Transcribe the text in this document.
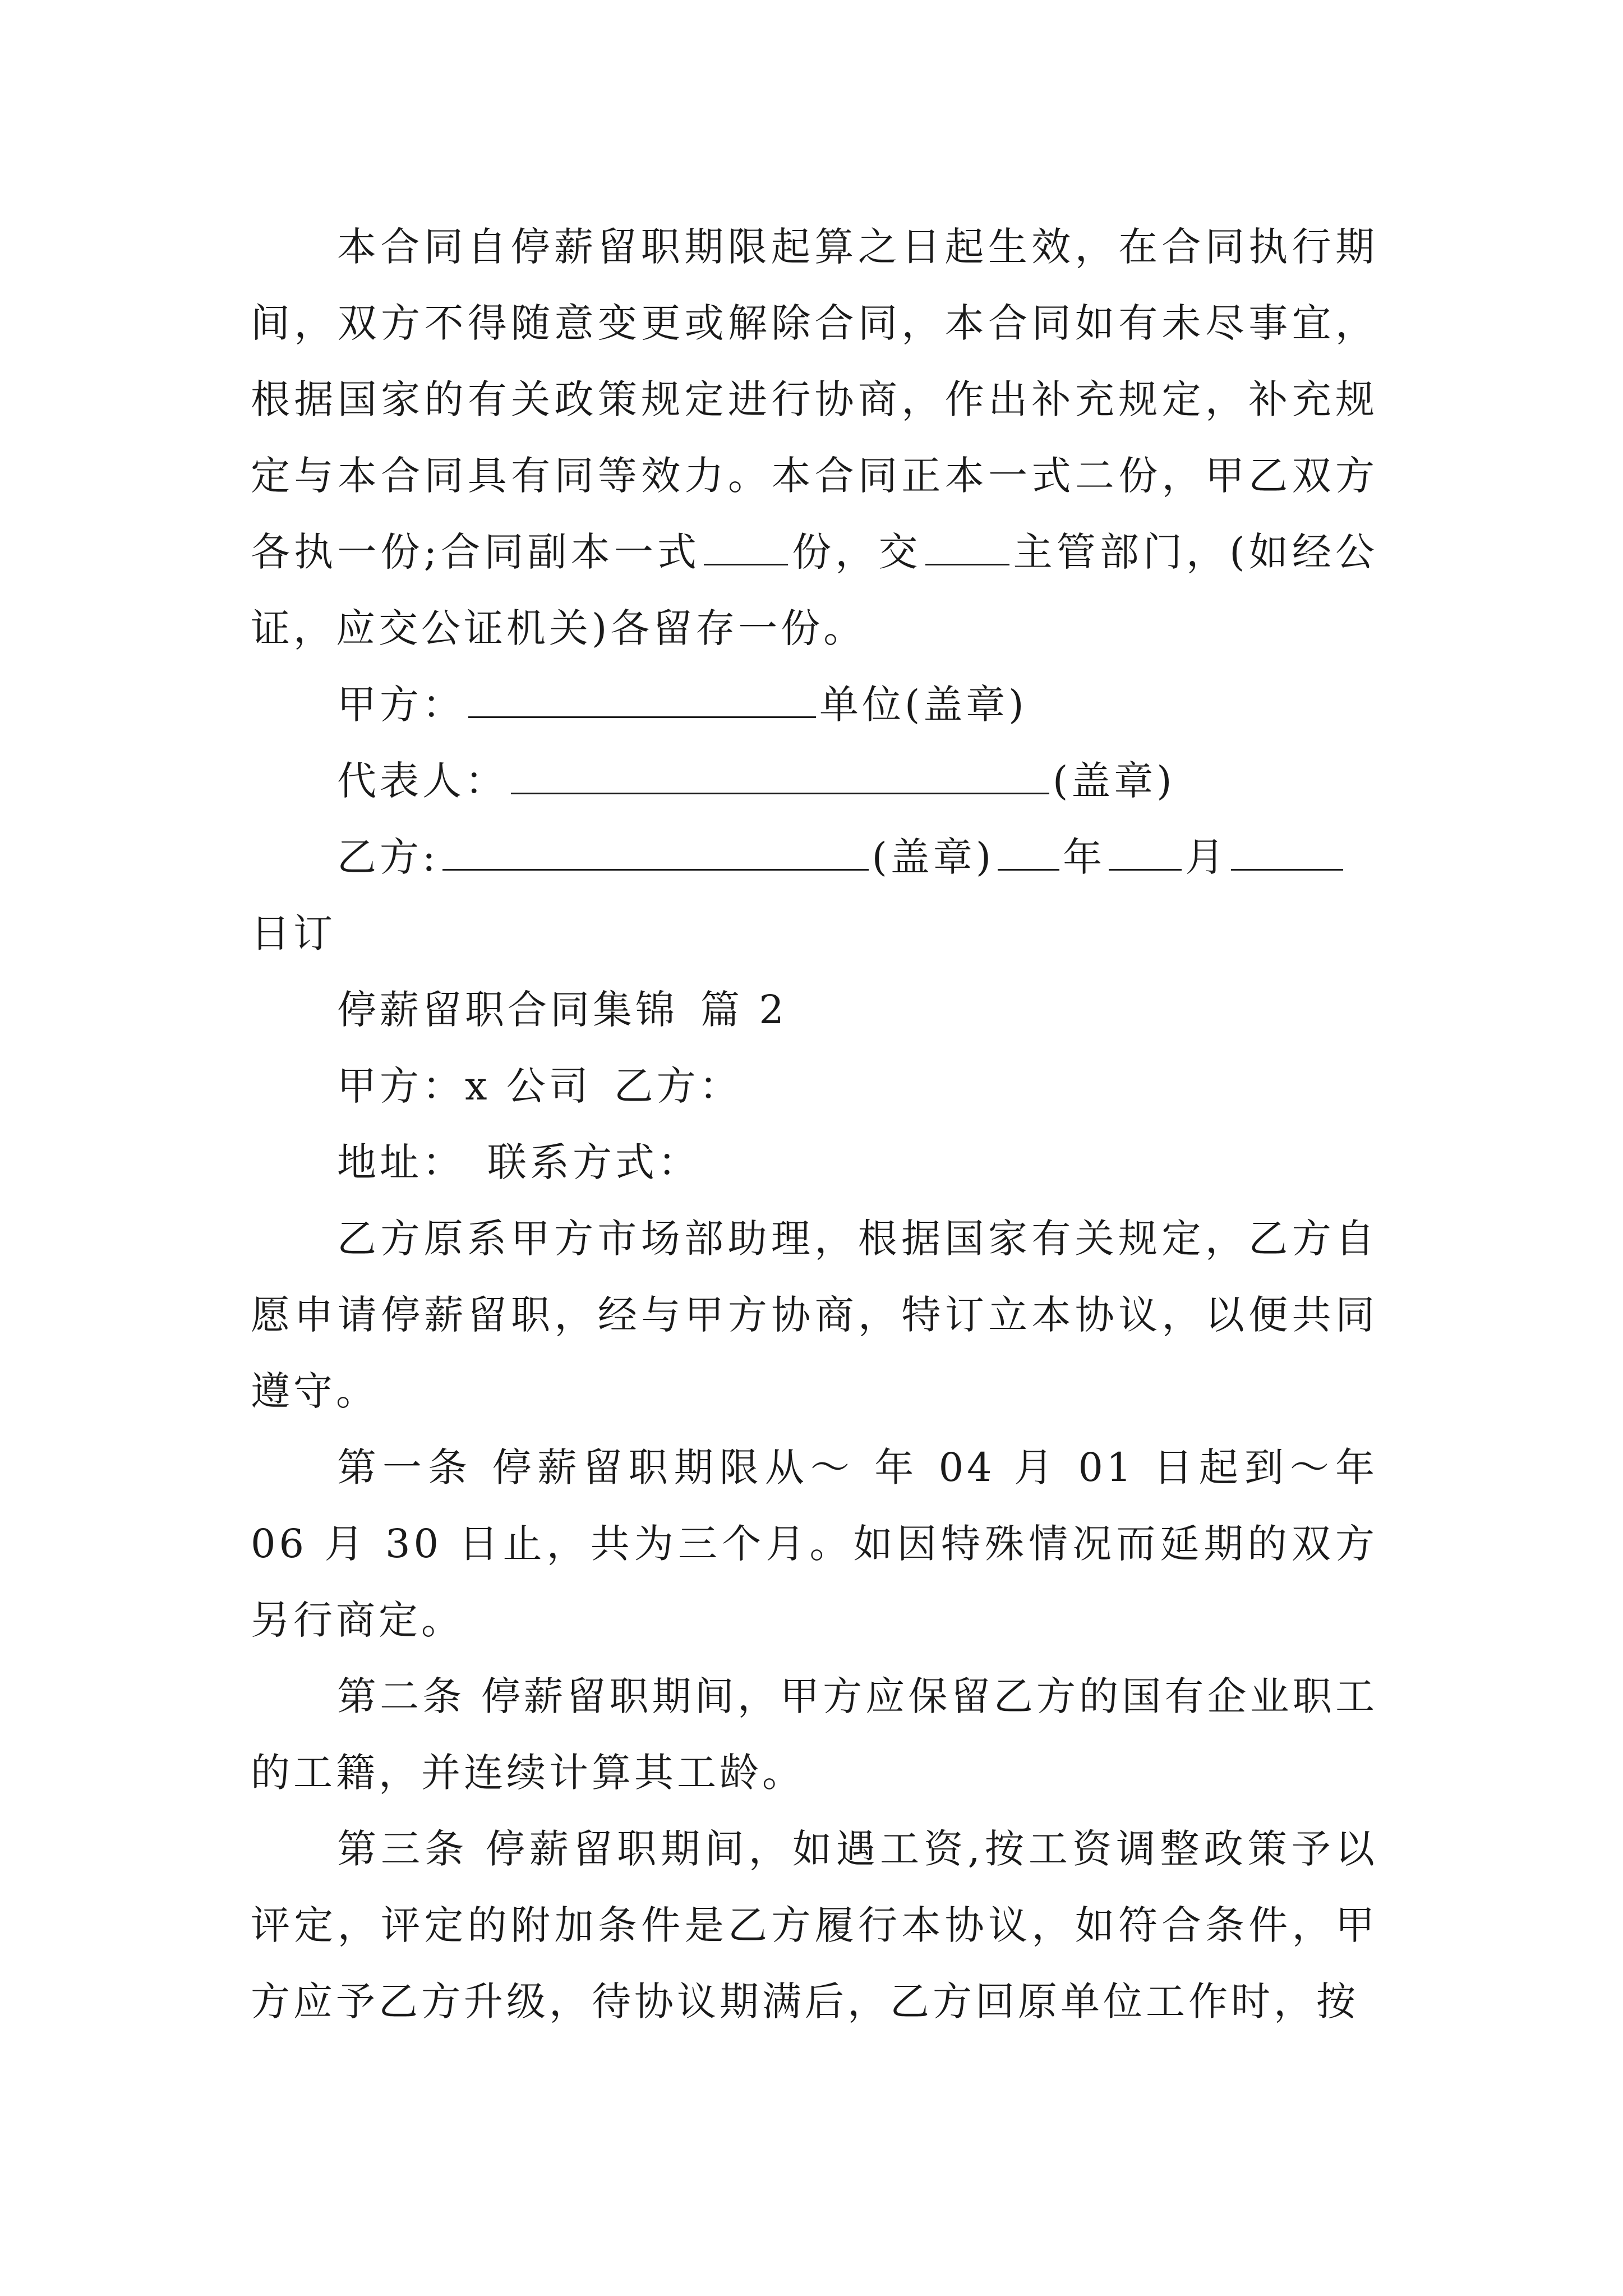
本合同自停薪留职期限起算之日起生效，在合同执行期间，双方不得随意变更或解除合同，本合同如有未尽事宜，根据国家的有关政策规定进行协商，作出补充规定，补充规定与本合同具有同等效力。本合同正本一式二份，甲乙双方各执一份;合同副本一式 份，交 主管部门，(如经公证，应交公证机关)各留存一份。

甲方：	单位(盖章)

代表人：	(盖章)

乙方:	(盖章) 年 月

日订

停薪留职合同集锦 篇 2

甲方：x 公司 乙方：

地址： 联系方式：

乙方原系甲方市场部助理，根据国家有关规定，乙方自愿申请停薪留职，经与甲方协商，特订立本协议，以便共同遵守。

第一条 停薪留职期限从～ 年 04 月 01 日起到～年 06 月 30 日止，共为三个月。如因特殊情况而延期的双方另行商定。

第二条 停薪留职期间，甲方应保留乙方的国有企业职工的工籍，并连续计算其工龄。

第三条 停薪留职期间，如遇工资,按工资调整政策予以评定，评定的附加条件是乙方履行本协议，如符合条件，甲方应予乙方升级，待协议期满后，乙方回原单位工作时，按
